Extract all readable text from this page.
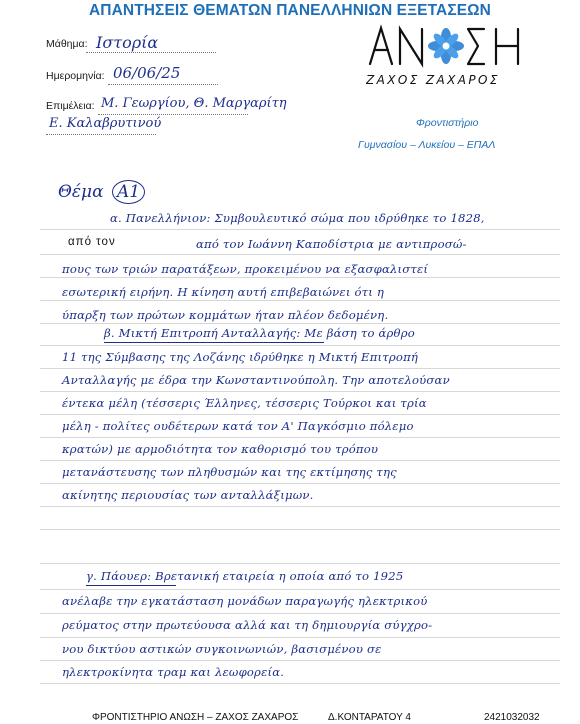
ΑΠΑΝΤΗΣΕΙΣ ΘΕΜΑΤΩΝ ΠΑΝΕΛΛΗΝΙΩΝ ΕΞΕΤΑΣΕΩΝ
Μάθημα: Ιστορία
Ημερομηνία: 06/06/25
Επιμέλεια: Μ. Γεωργίου, Θ. Μαργαρίτη
Ε. Καλαβρυτινού
ΖΑΧΟΣ ΖΑΧΑΡΟΣ
Φροντιστήριο
Γυμνασίου – Λυκείου – ΕΠΑΛ
Θέμα Α1
α. Πανελλήνιον: Συμβουλευτικό σώμα που ιδρύθηκε το 1828,
από τον	από τον Ιωάννη Καποδίστρια με αντιπροσώ-
πους των τριών παρατάξεων, προκειμένου να εξασφαλιστεί
εσωτερική ειρήνη. Η κίνηση αυτή επιβεβαιώνει ότι η
ύπαρξη των πρώτων κομμάτων ήταν πλέον δεδομένη.
β. Μικτή Επιτροπή Ανταλλαγής: Με βάση το άρθρο
11 της Σύμβασης της Λοζάνης ιδρύθηκε η Μικτή Επιτροπή
Ανταλλαγής με έδρα την Κωνσταντινούπολη. Την αποτελούσαν
έντεκα μέλη (τέσσερις Έλληνες, τέσσερις Τούρκοι και τρία
μέλη - πολίτες ουδέτερων κατά τον Α' Παγκόσμιο πόλεμο
κρατών) με αρμοδιότητα τον καθορισμό του τρόπου
μετανάστευσης των πληθυσμών και της εκτίμησης της
ακίνητης περιουσίας των ανταλλάξιμων.
γ. Πάουερ: Βρετανική εταιρεία η οποία από το 1925
ανέλαβε την εγκατάσταση μονάδων παραγωγής ηλεκτρικού
ρεύματος στην πρωτεύουσα αλλά και τη δημιουργία σύγχρο-
νου δικτύου αστικών συγκοινωνιών, βασισμένου σε
ηλεκτροκίνητα τραμ και λεωφορεία.
ΦΡΟΝΤΙΣΤΗΡΙΟ ΑΝΩΣΗ – ΖΑΧΟΣ ΖΑΧΑΡΟΣ	Δ.ΚΟΝΤΑΡΑΤΟΥ 4	2421032032
